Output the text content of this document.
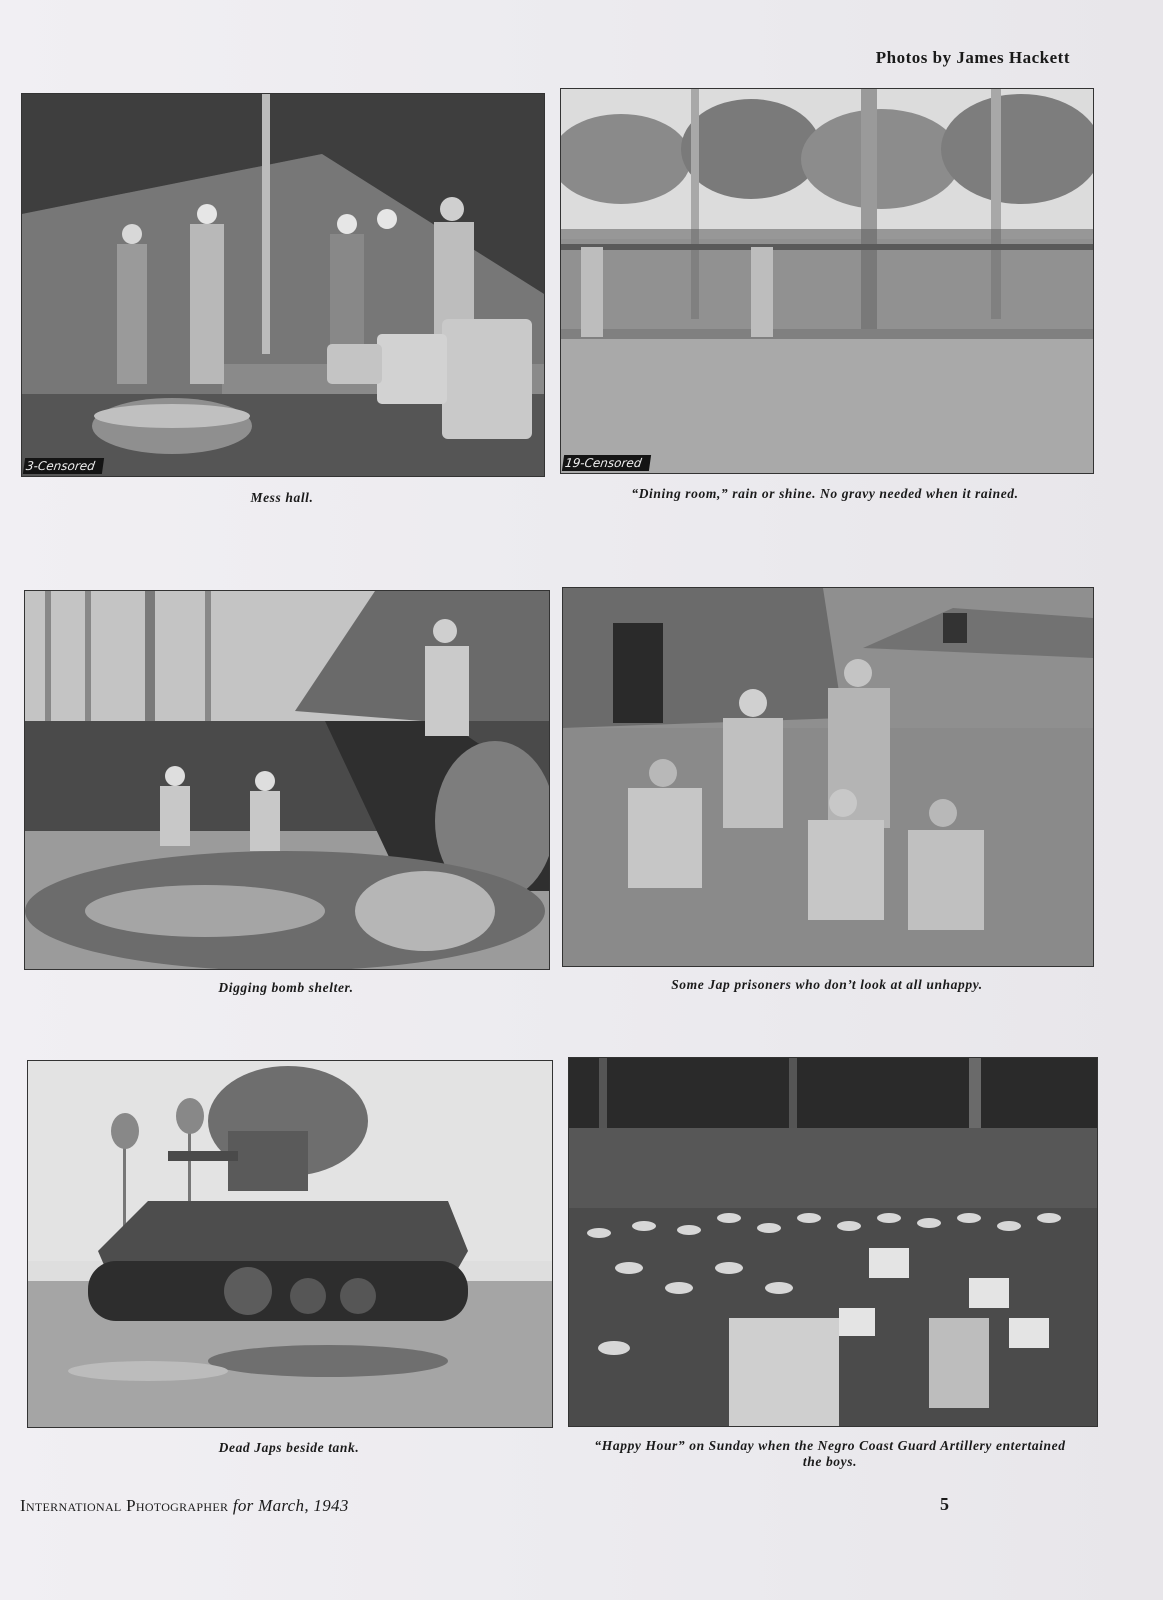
Photos by James Hackett
3-Censored
Mess hall.
19-Censored
“Dining room,” rain or shine. No gravy needed when it rained.
Digging bomb shelter.	Some Jap prisoners who don’t look at all unhappy.
Dead Japs beside tank.	“Happy Hour” on Sunday when the Negro Coast Guard Artillery entertained the boys.
International Photographer for March, 1943	5
